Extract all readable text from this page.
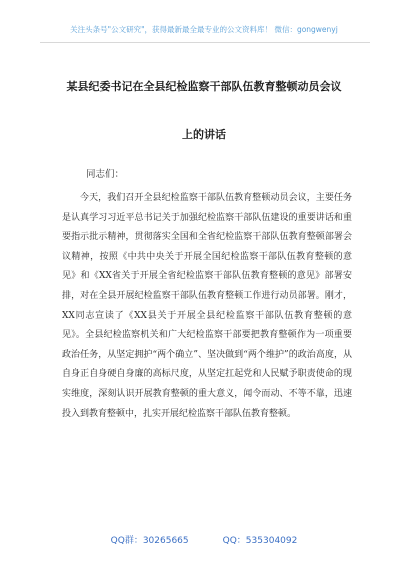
关注头条号"公文研究"，获得最新最全最专业的公文资料库！ 微信：gongwenyj
某县纪委书记在全县纪检监察干部队伍教育整顿动员会议
上的讲话
同志们：
今天，我们召开全县纪检监察干部队伍教育整顿动员会议，主要任务是认真学习习近平总书记关于加强纪检监察干部队伍建设的重要讲话和重要指示批示精神，贯彻落实全国和全省纪检监察干部队伍教育整顿部署会议精神，按照《中共中央关于开展全国纪检监察干部队伍教育整顿的意见》和《XX省关于开展全省纪检监察干部队伍教育整顿的意见》部署安排，对在全县开展纪检监察干部队伍教育整顿工作进行动员部署。刚才，XX同志宣读了《XX县关于开展全县纪检监察干部队伍教育整顿的意见》。全县纪检监察机关和广大纪检监察干部要把教育整顿作为一项重要政治任务，从坚定拥护“两个确立”、坚决做到“两个维护”的政治高度，从自身正自身硬自身廉的高标尺度，从坚定扛起党和人民赋予职责使命的现实维度，深刻认识开展教育整顿的重大意义，闻令而动、不等不靠，迅速投入到教育整顿中，扎实开展纪检监察干部队伍教育整顿。
QQ群：30265665	QQ：535304092
